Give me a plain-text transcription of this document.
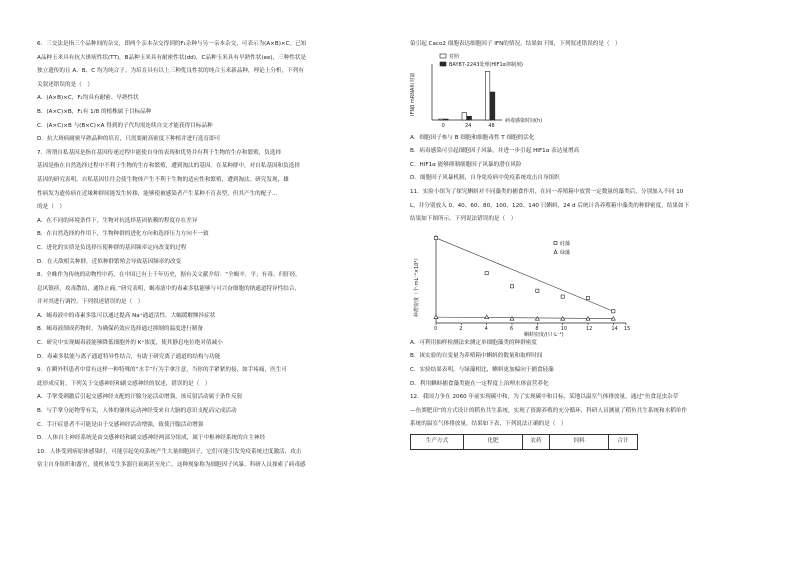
6．三交法是指三个品种间的杂交，即两个亲本杂交得到的F₁杂种与另一亲本杂交，可表示为(A×B)×C。已知

A品种玉米具有抗大斑病性状(TT)，B品种玉米具有耐密性状(dd)，C品种玉米具有早熟性状(ee)，三种性状是

独立遗传的且 A、B、C 均为纯合子。为培育具有以上三种优良性状的纯合玉米新品种，理论上分析，下列有

关叙述错误的是（　）

A．(A×B)×C，F₁均具有耐密、早熟性状

B．(A×C)×B，F₁有 1/8 的植株属于目标品种

C．(A×C)×B 与(B×C)×A 得到的子代均需连续自交才能获得目标品种

D．抗大斑病耐密早熟品种的培育，只需要耐高密度下种植并进行选育即可

7．所谓自私基因是指在基因传递过程中能使自身的表现和优势并有利于生物的生存和繁殖，负选择

基因是指在自然选择过程中不利于生物的生存和繁殖，遭到淘汰的基因。在某种群中，对自私基因和负选择

基因的研究表明，自私基因往往会使生物体产生不利于生物的适应性和繁殖，遭到淘汰。研究发现，雄

性病发为遗传病在近缘种群间能发生转移，能够使被感染者产生某种不育表型，但其产生的配子...

的是（　）

A．在不同的环境条件下，生物对抗选择基因依赖的程度存在差异

B．在自然选择的作用下，生物种群的进化方向和选择压力方向不一致

C．进化的实质是负选择压使种群的基因频率定向改变的过程

D．在天敌相关种群，近似种群繁殖会导致基因频率的改变

8．全蛛作为传统的动物性中药，在中国已有上千年历史，据有关文献介绍：“全蝎辛，平；有毒。归肝经。

息风镇痉，攻毒散结，通络止痛。”研究表明，蝎毒液中的毒素多肽能够与可兴奋细胞的钠通道特异性结合，

并对其进行调控。下列叙述错误的是（　）

A．蝎毒液中的毒素多肽可以通过提高 Na⁺通道活性，大幅缓解颤抖症状

B．蝎毒液制成药物时，为确保药效应选择通过抑制的温度进行制备

C．研究中实现蝎毒液能够降低细胞外的 K⁺浓度，使其静息电位绝对值减小

D．毒素多肽能与离子通道特异性结合，有助于研究离子通道的结构与功能

9．在瞬外科患者中常有这样一种特殊的“水手”行为手拿注意，当你的手紧紧的接，如手疼痛，医生可

此形成反射，下列关于交感神经和副交感神经的叙述，错误的是（　）

A．手掌受刺激后引起交感神经支配的汗腺分泌活动增强，该反射活动属于条件反射

B．与手掌分泌物等有关，人体的躯体运动神经受来自大脑的意识支配而完成活动

C．手汗症患者不可能是由于交感神经活动增强，致使汗腺活动增强

D．人体自主神经系统是由交感神经和副交感神经两部分组成，属于中枢神经系统的自主神经

10．人体受到病原体感染时，可能引起免疫系统产生大量细胞因子，它们可能引发免疫系统过度激活，攻击

宿主自身组织和器官，使机体发生多器官衰竭甚至死亡，这种现象称为细胞因子风暴。科研人员探索了病毒感

染引起 Caco2 细胞表达细胞因子 IFN的情况，结果如下图，下列叙述错误的是（　）

IFNβ mRNA相对量
病毒感染时间(h)
0	24	48
对照
BAY87-2243处理(HIF1α抑制剂)

A．细胞因子参与 B 细胞和细胞毒性 T 细胞的活化

B．病毒感染可引起细胞因子风暴，并进一步引起 HIF1α 表达量增高

C．HIF1α 能够抑制细胞因子风暴的潜在风险

D．细胞因子风暴机制，自身免疫病中免疫系统攻击自身组织

11．实验小组为了探究蝌蚪对不同藻类的捕食作用，在同一养殖箱中放置一定数量的藻类后，分别加入不同 10

L，并分别放入 0、40、60、80、100、120、140 只蝌蚪，24 d 后统计各养殖箱中藻类的种群密度，结果如下

结果如下图所示。下列说法错误的是（　）

种群密度（个·mL⁻¹×10⁴）
蝌蚪密度/(只·L⁻¹)
0	2	4	6	8	10	12	14 15
硅藻
绿藻

A．可利用抽样检测法来测定单细胞藻类的种群密度

B．该实验的自变量为养殖箱中蝌蚪的数量和取样时间

C．实验结果表明，与绿藻相比，蝌蚪更加偏向于捕食硅藻

D．利用蝌蚪捕食藻类能在一定程度上治理水体富营养化

12．我国力争在 2060 年前实现碳中和，为了实现碳中和目标，某地以温室气体排放量，通过“鱼食昆虫杂草

—鱼粪肥田”的方式设计的稻鱼共生系统，实现了资源养殖的充分循环，科研人员测量了稻鱼共生系统和水稻单作

系统的温室气体排放量，结果如下表，下列说法正确的是（　）

生产方式	化肥	农药	饲料	合计
